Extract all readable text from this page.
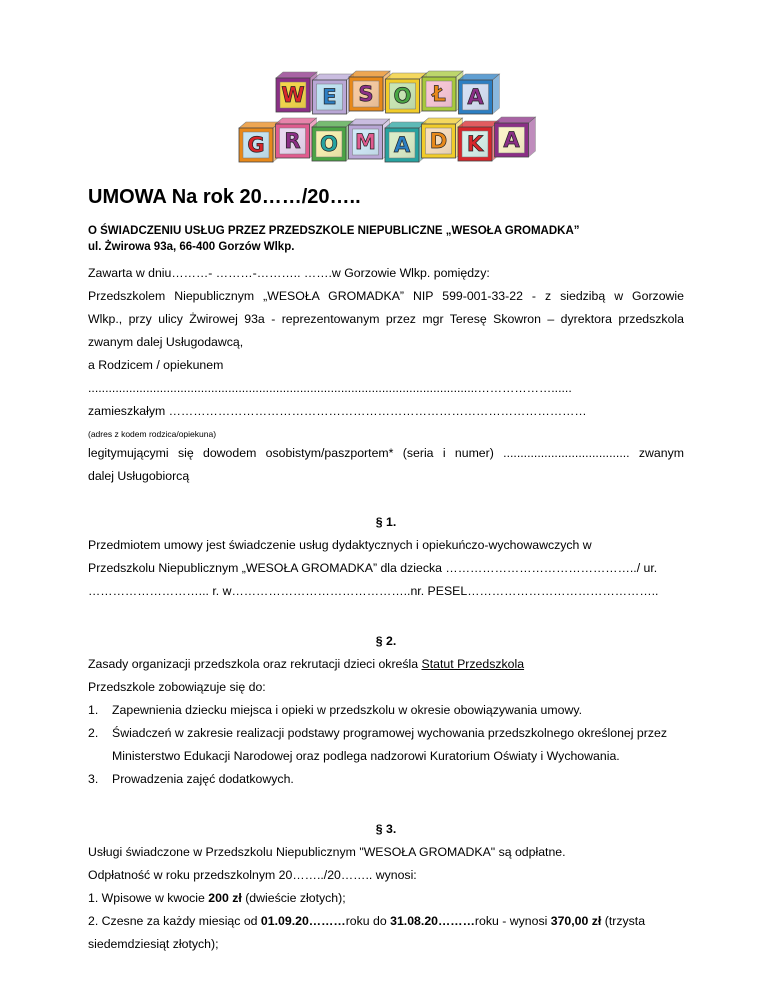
W E S O Ł A
G R O M A D K A
UMOWA Na rok 20……/20…..
O ŚWIADCZENIU USŁUG PRZEZ PRZEDSZKOLE NIEPUBLICZNE „WESOŁA GROMADKA”
ul. Żwirowa 93a, 66-400 Gorzów Wlkp.
Zawarta w dniu………- ………-……….. …….w Gorzowie Wlkp. pomiędzy:
Przedszkolem Niepublicznym „WESOŁA GROMADKA” NIP 599-001-33-22 - z siedzibą w Gorzowie
Wlkp., przy ulicy Żwirowej 93a - reprezentowanym przez mgr Teresę Skowron – dyrektora przedszkola
zwanym dalej Usługodawcą,
a Rodzicem / opiekunem
..................................................................................................................………………......
zamieszkałym …………………………………………………………………………………………
(adres z kodem rodzica/opiekuna)
legitymującymi się dowodem osobistym/paszportem* (seria i numer) ..................................... zwanym
dalej Usługobiorcą
§ 1.
Przedmiotem umowy jest świadczenie usług dydaktycznych i opiekuńczo-wychowawczych w
Przedszkolu Niepublicznym „WESOŁA GROMADKA” dla dziecka ………………………………………../ ur.
………………………... r. w……………………………………..nr. PESEL………………………………………..
§ 2.
Zasady organizacji przedszkola oraz rekrutacji dzieci określa Statut Przedszkola
Przedszkole zobowiązuje się do:
1.	Zapewnienia dziecku miejsca i opieki w przedszkolu w okresie obowiązywania umowy.
2.	Świadczeń w zakresie realizacji podstawy programowej wychowania przedszkolnego określonej przez
Ministerstwo Edukacji Narodowej oraz podlega nadzorowi Kuratorium Oświaty i Wychowania.
3.	Prowadzenia zajęć dodatkowych.
§ 3.
Usługi świadczone w Przedszkolu Niepublicznym "WESOŁA GROMADKA" są odpłatne.
Odpłatność w roku przedszkolnym 20……../20…….. wynosi:
1. Wpisowe w kwocie 200 zł (dwieście złotych);
2. Czesne za każdy miesiąc od 01.09.20………roku do 31.08.20………roku - wynosi 370,00 zł (trzysta
siedemdziesiąt złotych);
